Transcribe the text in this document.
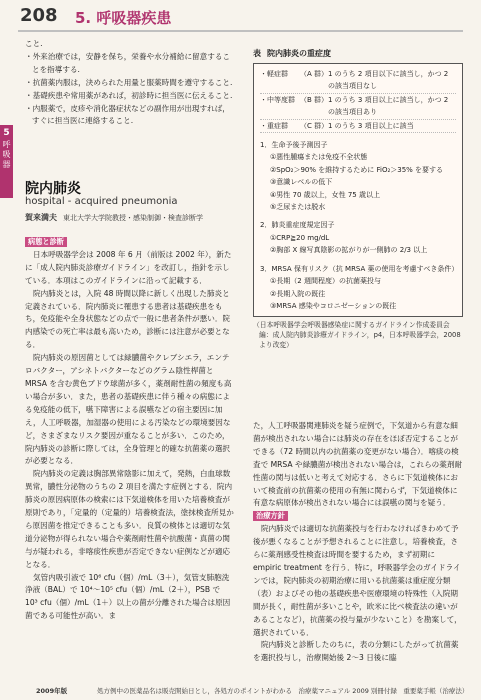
208 5. 呼吸器疾患
5
呼吸器

こと.

・外来治療では，安静を保ち，栄養や水分補給に留意することを指導する.

・抗菌薬内服は，決められた用量と服薬時間を遵守すること.

・基礎疾患や常用薬があれば，初診時に担当医に伝えること.

・内服薬で，皮疹や消化器症状などの副作用が出現すれば，すぐに担当医に連絡すること.

院内肺炎
hospital - acquired pneumonia
賀来満夫 東北大学大学院教授・感染制御・検査診断学
病態と診断

日本呼吸器学会は 2008 年 6 月（前版は 2002 年），新たに「成人院内肺炎診療ガイドライン」を改訂し，指針を示している．本項はこのガイドラインに沿って記載する．

院内肺炎とは，入院 48 時間以降に新しく出現した肺炎と定義されている．院内肺炎に罹患する患者は基礎疾患をもち，免疫能や全身状態などの点で一般に患者条件が悪い．院内感染での死亡率は最も高いため，診断には注意が必要となる．

院内肺炎の原因菌としては緑膿菌やクレブシエラ，エンテロバクター，アシネトバクターなどのグラム陰性桿菌と MRSA を含む黄色ブドウ球菌が多く，薬剤耐性菌の頻度も高い場合が多い．また，患者の基礎疾患に伴う種々の病態による免疫能の低下，嚥下障害による誤嚥などの宿主要因に加え，人工呼吸器，加湿器の使用による汚染などの環境要因など，さまざまなリスク要因が重なることが多い．このため，院内肺炎の診断に際しては，全身管理と的確な抗菌薬の選択が必要となる．

院内肺炎の定義は胸部異常陰影に加えて，発熱，白血球数異常，膿性分泌物のうちの 2 項目を満たす症例とする．院内肺炎の原因病原体の検索には下気道検体を用いた培養検査が原則であり，「定量的（定量的）培養検査法，塗抹検査所見から原因菌を推定できることも多い．良質の検体とは適切な気道分泌物が得られない場合や薬剤耐性菌や抗酸菌・真菌の関与が疑われる，非喀痰性疾患が否定できない症例などが適応となる．

気管内吸引液で 10⁶ cfu（個）/mL（3＋），気管支肺胞洗浄液（BAL）で 10⁴～10⁵ cfu（個）/mL（2＋），PSB で 10³ cfu（個）/mL（1＋）以上の菌が分離された場合は原因菌である可能性が高い．ま

表 院内肺炎の重症度
・軽症群	（A 群） 1 のうち 2 項目以下に該当し，かつ 2 の該当項目なし
・中等度群 （B 群） 1 のうち 3 項目以上に該当し，かつ 2 の該当項目あり
・重症群	（C 群） 1 のうち 3 項目以上に該当
1．生命予後予測因子
①悪性腫瘍または免疫不全状態
②SpO₂＞90% を維持するために FiO₂＞35% を要する
③意識レベルの低下
④男性 70 歳以上，女性 75 歳以上
⑤乏尿または脱水
2．肺炎重症度規定因子
①CRP≧20 mg/dL
②胸部 X 線写真陰影の拡がりが一側肺の 2/3 以上
3．MRSA 保有リスク（抗 MRSA 薬の使用を考慮すべき条件）
①長期（2 週間程度）の抗菌薬投与
②長期入院の既往
③MRSA 感染やコロニゼーションの既往
（日本呼吸器学会呼吸器感染症に関するガイドライン作成委員会編：成人院内肺炎診療ガイドライン，p4，日本呼吸器学会，2008 より改変）

た，人工呼吸器関連肺炎を疑う症例で，下気道から有意な細菌が検出されない場合には肺炎の存在をほぼ否定することができる（72 時間以内の抗菌薬の変更がない場合）．喀痰の検査で MRSA や緑膿菌が検出されない場合は，これらの薬剤耐性菌の関与は低いと考えて対応する．さらに下気道検体において検査前の抗菌薬の使用の有無に関わらず，下気道検体に有意な病原体が検出されない場合には誤嚥の関与を疑う．

治療方針

院内肺炎では適切な抗菌薬投与を行わなければきわめて予後が悪くなることが予想されることに注意し，培養検査，さらに薬剤感受性検査は時間を要するため，まず初期に empiric treatment を行う．特に，呼吸器学会のガイドラインでは，院内肺炎の初期治療に用いる抗菌薬は重症度分類（表）およびその他の基礎疾患や医療環境の特殊性（入院期間が長く，耐性菌が多いことや，欧米に比べ検査法の違いがあることなど），抗菌薬の投与量が少ないこと）を勘案して，選択されている．

院内肺炎と診断したのちに，表の分類にしたがって抗菌薬を選択投与し，治療開始後 2～3 日後に臨

2009年版	処方例中の医薬品名は販売開始日とし，各処方のポイントがわかる　治療薬マニュアル 2009 別冊付録　重要薬手帳（治療法）
